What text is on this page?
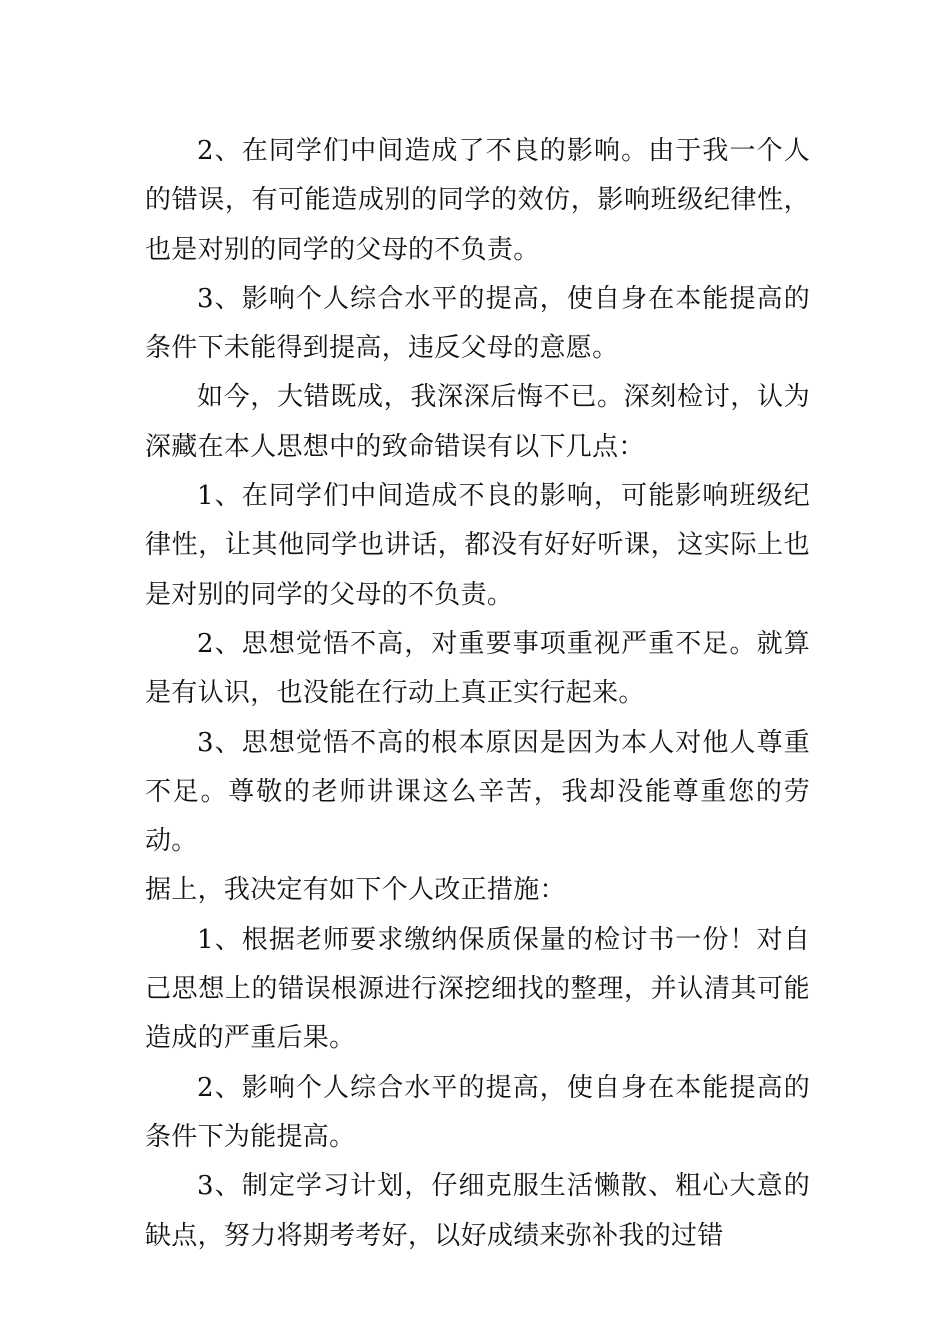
2、在同学们中间造成了不良的影响。由于我一个人的错误，有可能造成别的同学的效仿，影响班级纪律性，也是对别的同学的父母的不负责。

3、影响个人综合水平的提高，使自身在本能提高的条件下未能得到提高，违反父母的意愿。

如今，大错既成，我深深后悔不已。深刻检讨，认为深藏在本人思想中的致命错误有以下几点：

1、在同学们中间造成不良的影响，可能影响班级纪律性，让其他同学也讲话，都没有好好听课，这实际上也是对别的同学的父母的不负责。

2、思想觉悟不高，对重要事项重视严重不足。就算是有认识，也没能在行动上真正实行起来。

3、思想觉悟不高的根本原因是因为本人对他人尊重不足。尊敬的老师讲课这么辛苦，我却没能尊重您的劳动。

据上，我决定有如下个人改正措施：

1、根据老师要求缴纳保质保量的检讨书一份！对自己思想上的错误根源进行深挖细找的整理，并认清其可能造成的严重后果。

2、影响个人综合水平的提高，使自身在本能提高的条件下为能提高。

3、制定学习计划，仔细克服生活懒散、粗心大意的缺点，努力将期考考好，以好成绩来弥补我的过错
